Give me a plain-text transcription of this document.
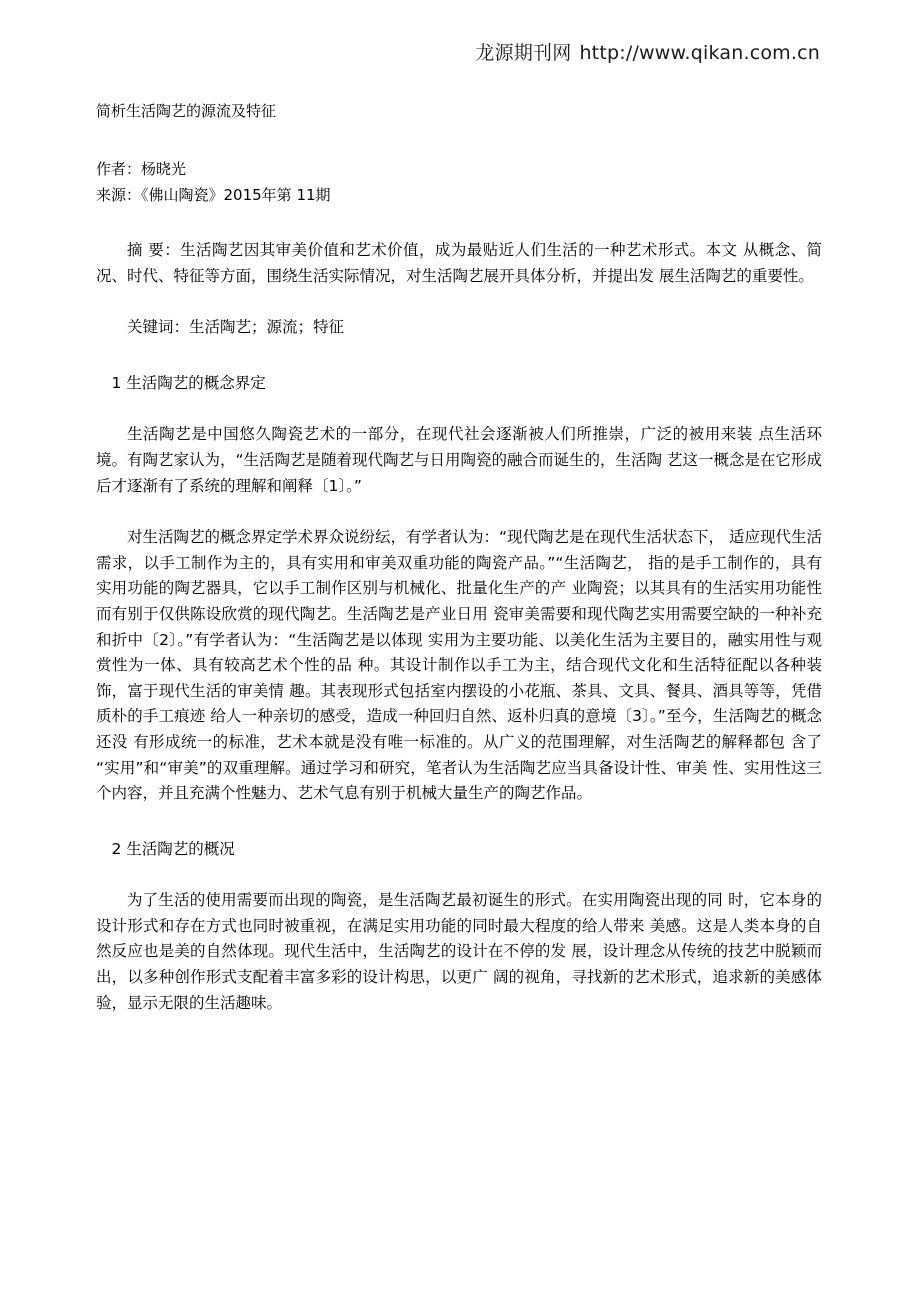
龙源期刊网 http://www.qikan.com.cn
简析生活陶艺的源流及特征

作者：杨晓光

来源：《佛山陶瓷》2015年第 11期

摘 要：生活陶艺因其审美价值和艺术价值，成为最贴近人们生活的一种艺术形式。本文 从概念、简况、时代、特征等方面，围绕生活实际情况，对生活陶艺展开具体分析，并提出发 展生活陶艺的重要性。

关键词：生活陶艺；源流；特征

1 生活陶艺的概念界定

生活陶艺是中国悠久陶瓷艺术的一部分，在现代社会逐渐被人们所推崇，广泛的被用来装 点生活环境。有陶艺家认为，“生活陶艺是随着现代陶艺与日用陶瓷的融合而诞生的，生活陶 艺这一概念是在它形成后才逐渐有了系统的理解和阐释〔1〕。”

对生活陶艺的概念界定学术界众说纷纭，有学者认为：“现代陶艺是在现代生活状态下， 适应现代生活需求，以手工制作为主的，具有实用和审美双重功能的陶瓷产品。”“生活陶艺， 指的是手工制作的，具有实用功能的陶艺器具，它以手工制作区别与机械化、批量化生产的产 业陶瓷；以其具有的生活实用功能性而有别于仅供陈设欣赏的现代陶艺。生活陶艺是产业日用 瓷审美需要和现代陶艺实用需要空缺的一种补充和折中〔2〕。”有学者认为：“生活陶艺是以体现 实用为主要功能、以美化生活为主要目的，融实用性与观赏性为一体、具有较高艺术个性的品 种。其设计制作以手工为主，结合现代文化和生活特征配以各种装饰，富于现代生活的审美情 趣。其表现形式包括室内摆设的小花瓶、茶具、文具、餐具、酒具等等，凭借质朴的手工痕迹 给人一种亲切的感受，造成一种回归自然、返朴归真的意境〔3〕。”至今，生活陶艺的概念还没 有形成统一的标准，艺术本就是没有唯一标准的。从广义的范围理解，对生活陶艺的解释都包 含了“实用”和“审美”的双重理解。通过学习和研究，笔者认为生活陶艺应当具备设计性、审美 性、实用性这三个内容，并且充满个性魅力、艺术气息有别于机械大量生产的陶艺作品。

2 生活陶艺的概况

为了生活的使用需要而出现的陶瓷，是生活陶艺最初诞生的形式。在实用陶瓷出现的同 时，它本身的设计形式和存在方式也同时被重视，在满足实用功能的同时最大程度的给人带来 美感。这是人类本身的自然反应也是美的自然体现。现代生活中，生活陶艺的设计在不停的发 展，设计理念从传统的技艺中脱颖而出，以多种创作形式支配着丰富多彩的设计构思，以更广 阔的视角，寻找新的艺术形式，追求新的美感体验，显示无限的生活趣味。
